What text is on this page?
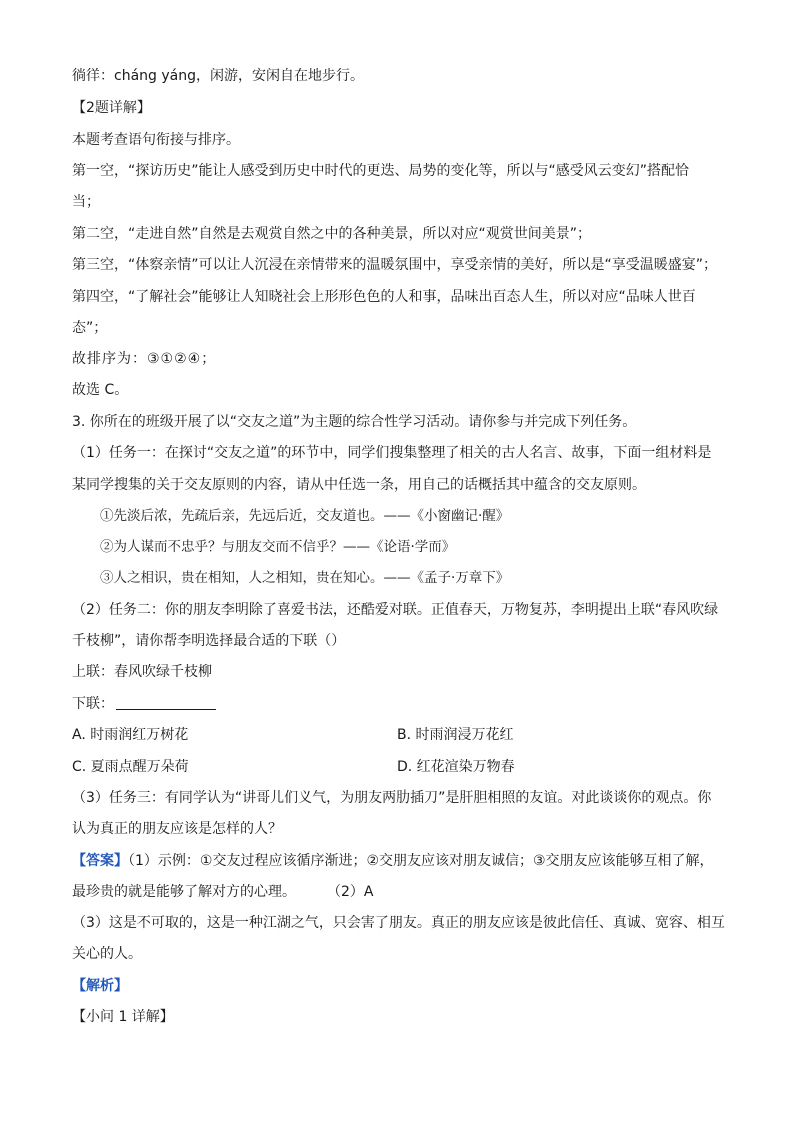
徜徉：cháng yáng，闲游，安闲自在地步行。
【2题详解】
本题考查语句衔接与排序。
第一空，“探访历史”能让人感受到历史中时代的更迭、局势的变化等，所以与“感受风云变幻”搭配恰
当；
第二空，“走进自然”自然是去观赏自然之中的各种美景，所以对应“观赏世间美景”；
第三空，“体察亲情”可以让人沉浸在亲情带来的温暖氛围中，享受亲情的美好，所以是“享受温暖盛宴”；
第四空，“了解社会”能够让人知晓社会上形形色色的人和事，品味出百态人生，所以对应“品味人世百
态”；
故排序为：③①②④；
故选 C。
3. 你所在的班级开展了以“交友之道”为主题的综合性学习活动。请你参与并完成下列任务。
（1）任务一：在探讨“交友之道”的环节中，同学们搜集整理了相关的古人名言、故事，下面一组材料是
某同学搜集的关于交友原则的内容，请从中任选一条，用自己的话概括其中蕴含的交友原则。
①先淡后浓，先疏后亲，先远后近，交友道也。——《小窗幽记·醒》
②为人谋而不忠乎？与朋友交而不信乎？——《论语·学而》
③人之相识，贵在相知，人之相知，贵在知心。——《孟子·万章下》
（2）任务二：你的朋友李明除了喜爱书法，还酷爱对联。正值春天，万物复苏，李明提出上联“春风吹绿
千枝柳”，请你帮李明选择最合适的下联（）
上联：春风吹绿千枝柳
下联：
A. 时雨润红万树花	B. 时雨润浸万花红
C. 夏雨点醒万朵荷	D. 红花渲染万物春
（3）任务三：有同学认为“讲哥儿们义气，为朋友两肋插刀”是肝胆相照的友谊。对此谈谈你的观点。你
认为真正的朋友应该是怎样的人？
【答案】（1）示例：①交友过程应该循序渐进；②交朋友应该对朋友诚信；③交朋友应该能够互相了解，
最珍贵的就是能够了解对方的心理。	（2）A
（3）这是不可取的，这是一种江湖之气，只会害了朋友。真正的朋友应该是彼此信任、真诚、宽容、相互
关心的人。
【解析】
【小问 1 详解】
